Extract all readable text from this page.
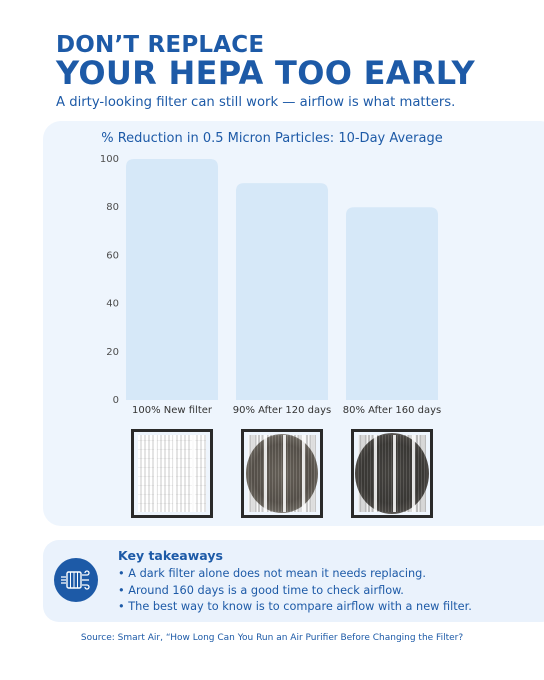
DON’T REPLACE
YOUR HEPA TOO EARLY
A dirty-looking filter can still work — airflow is what matters.
% Reduction in 0.5 Micron Particles: 10-Day Average
0
20
40
60
80
100
100% New filter 90% After 120 days 80% After 160 days
Key takeaways
• A dark filter alone does not mean it needs replacing.
• Around 160 days is a good time to check airflow.
• The best way to know is to compare airflow with a new filter.
Source: Smart Air, “How Long Can You Run an Air Purifier Before Changing the Filter?
